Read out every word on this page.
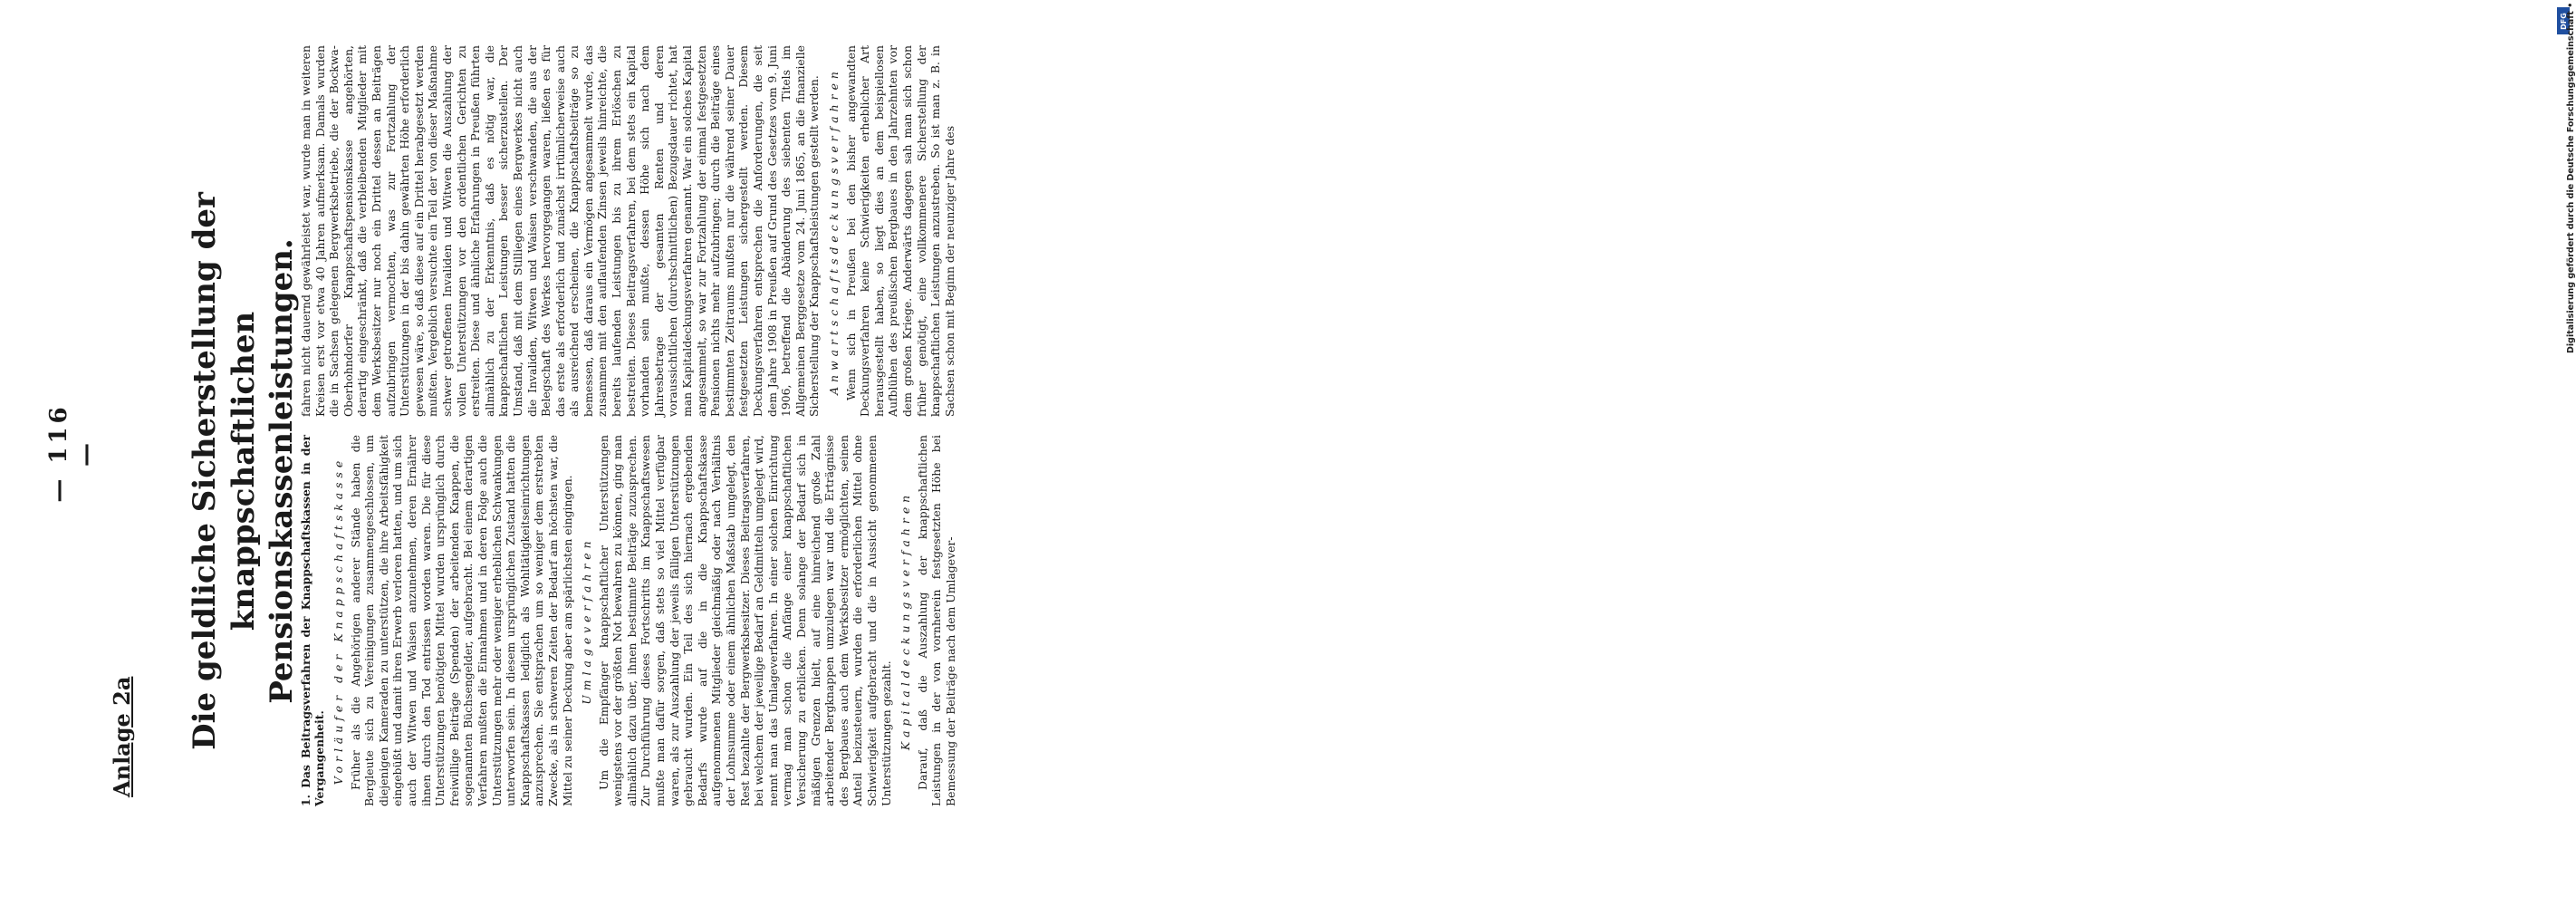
— 116 —
Anlage 2a Die geldliche Sicherstellung der knappschaftlichen Pensionskassenleistungen. 1. Das Beitragsverfahren der Knappschaftskassen in der Vergangenheit. Vorläufer der Knappschaftskasse Früher als die Angehörigen anderer Stände haben die Bergleute sich zu Vereinigungen zusammengeschlossen, um diejenigen Kameraden zu unterstützen, die ihre Arbeitsfähigkeit eingebüßt und damit ihren Erwerb verloren hatten, und um sich auch der Witwen und Waisen anzunehmen, deren Ernährer ihnen durch den Tod entrissen worden waren. Die für diese Unterstützungen benötigten Mittel wurden ursprünglich durch freiwillige Beiträge (Spenden) der arbeitenden Knappen, die sogenannten Büchsengelder, aufgebracht. Bei einem derartigen Verfahren mußten die Einnahmen und in deren Folge auch die Unterstützungen mehr oder weniger erheblichen Schwankungen unterworfen sein. In diesem ursprünglichen Zustand hatten die Knappschaftskassen lediglich als Wohltätigkeitseinrichtungen anzusprechen. Sie entsprachen um so weniger dem erstrebten Zwecke, als in schweren Zeiten der Bedarf am höchsten war, die Mittel zu seiner Deckung aber am spärlichsten eingingen. Umlageverfahren Um die Empfänger knappschaftlicher Unterstützungen wenigstens vor der größten Not bewahren zu können, ging man allmählich dazu über, ihnen bestimmte Beiträge zuzusprechen. Zur Durchführung dieses Fortschritts im Knappschaftswesen mußte man dafür sorgen, daß stets so viel Mittel verfügbar waren, als zur Auszahlung der jeweils fälligen Unterstützungen gebraucht wurden. Ein Teil des sich hiernach ergebenden Bedarfs wurde auf die in die Knappschaftskasse aufgenommenen Mitglieder gleichmäßig oder nach Verhältnis der Lohnsumme oder einem ähnlichen Maßstab umgelegt, den Rest bezahlte der Bergwerksbesitzer. Dieses Beitragsverfahren, bei welchem der jeweilige Bedarf an Geldmitteln umgelegt wird, nennt man das Umlageverfahren. In einer solchen Einrichtung vermag man schon die Anfänge einer knappschaftlichen Versicherung zu erblicken. Denn solange der Bedarf sich in mäßigen Grenzen hielt, auf eine hinreichend große Zahl arbeitender Bergknappen umzulegen war und die Erträgnisse des Bergbaues auch dem Werksbesitzer ermöglichten, seinen Anteil beizusteuern, wurden die erforderlichen Mittel ohne Schwierigkeit aufgebracht und die in Aussicht genommenen Unterstützungen gezahlt. Kapitaldeckungsverfahren Darauf, daß die Auszahlung der knappschaftlichen Leistungen in der von vornherein festgesetzten Höhe bei Bemessung der Beiträge nach dem Umlagever-

fahren nicht dauernd gewährleistet war, wurde man in weiteren Kreisen erst vor etwa 40 Jahren aufmerksam. Damals wurden die in Sachsen gelegenen Bergwerksbetriebe, die der Bockwa-Oberhohndorfer Knappschaftspensionskasse angehörten, derartig eingeschränkt, daß die verbleibenden Mitglieder mit dem Werksbesitzer nur noch ein Drittel dessen an Beiträgen aufzubringen vermochten, was zur Fortzahlung der Unterstützungen in der bis dahin gewährten Höhe erforderlich gewesen wäre, so daß diese auf ein Drittel herabgesetzt werden mußten. Vergeblich versuchte ein Teil der von dieser Maßnahme schwer getroffenen Invaliden und Witwen die Auszahlung der vollen Unterstützungen vor den ordentlichen Gerichten zu erstreiten. Diese und ähnliche Erfahrungen in Preußen führten allmählich zu der Erkenntnis, daß es nötig war, die knappschaftlichen Leistungen besser sicherzustellen. Der Umstand, daß mit dem Stilliegen eines Bergwerkes nicht auch die Invaliden, Witwen und Waisen verschwanden, die aus der Belegschaft des Werkes hervorgegangen waren, ließen es für das erste als erforderlich und zunächst irrtümlicherweise auch als ausreichend erscheinen, die Knappschaftsbeiträge so zu bemessen, daß daraus ein Vermögen angesammelt wurde, das zusammen mit den auflaufenden Zinsen jeweils hinreichte, die bereits laufenden Leistungen bis zu ihrem Erlöschen zu bestreiten. Dieses Beitragsverfahren, bei dem stets ein Kapital vorhanden sein mußte, dessen Höhe sich nach dem Jahresbetrage der gesamten Renten und deren voraussichtlichen (durchschnittlichen) Bezugsdauer richtet, hat man Kapitaldeckungsverfahren genannt. War ein solches Kapital angesammelt, so war zur Fortzahlung der einmal festgesetzten Pensionen nichts mehr aufzubringen; durch die Beiträge eines bestimmten Zeitraums mußten nur die während seiner Dauer festgesetzten Leistungen sichergestellt werden. Diesem Deckungsverfahren entsprechen die Anforderungen, die seit dem Jahre 1908 in Preußen auf Grund des Gesetzes vom 9. Juni 1906, betreffend die Abänderung des siebenten Titels im Allgemeinen Berggesetze vom 24. Juni 1865, an die finanzielle Sicherstellung der Knappschaftsleistungen gestellt werden. Anwartschaftsdeckungsverfahren Wenn sich in Preußen bei den bisher angewandten Deckungsverfahren keine Schwierigkeiten erheblicher Art herausgestellt haben, so liegt dies an dem beispiellosen Aufblühen des preußischen Bergbaues in den Jahrzehnten vor dem großen Kriege. Anderwärts dagegen sah man sich schon früher genötigt, eine vollkommenere Sicherstellung der knappschaftlichen Leistungen anzustreben. So ist man z. B. in Sachsen schon mit Beginn der neunziger Jahre des

DFG
Digitalisierung gefördert durch die Deutsche Forschungsgemeinschaft •
